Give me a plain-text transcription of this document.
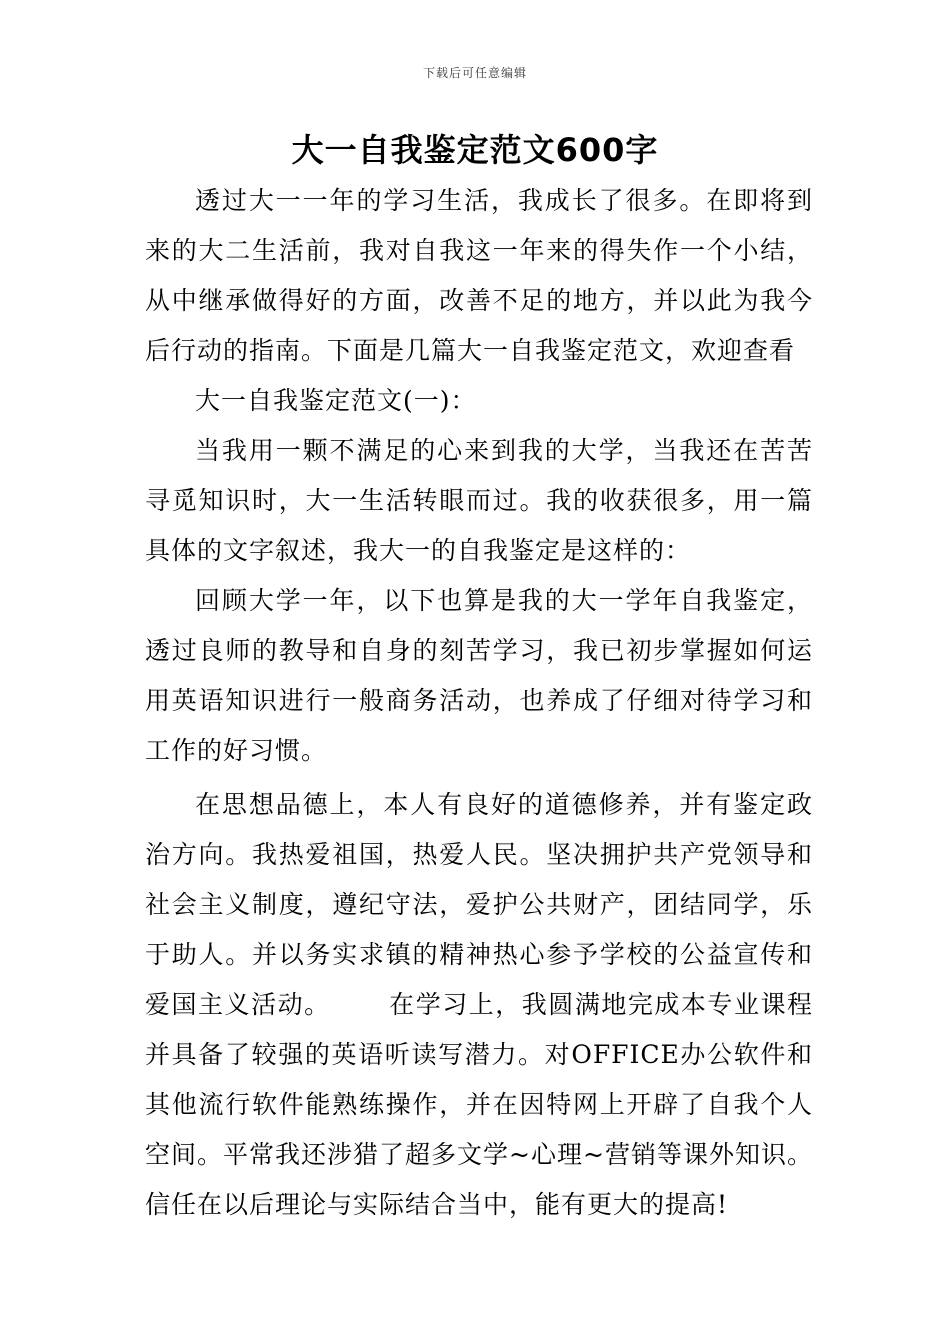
下载后可任意编辑
大一自我鉴定范文600字

透过大一一年的学习生活，我成长了很多。在即将到来的大二生活前，我对自我这一年来的得失作一个小结，从中继承做得好的方面，改善不足的地方，并以此为我今后行动的指南。下面是几篇大一自我鉴定范文，欢迎查看

大一自我鉴定范文(一)：

当我用一颗不满足的心来到我的大学，当我还在苦苦寻觅知识时，大一生活转眼而过。我的收获很多，用一篇具体的文字叙述，我大一的自我鉴定是这样的：

回顾大学一年，以下也算是我的大一学年自我鉴定，透过良师的教导和自身的刻苦学习，我已初步掌握如何运用英语知识进行一般商务活动，也养成了仔细对待学习和工作的好习惯。

在思想品德上，本人有良好的道德修养，并有鉴定政治方向。我热爱祖国，热爱人民。坚决拥护共产党领导和社会主义制度，遵纪守法，爱护公共财产，团结同学，乐于助人。并以务实求镇的精神热心参予学校的公益宣传和爱国主义活动。 在学习上，我圆满地完成本专业课程并具备了较强的英语听读写潜力。对OFFICE办公软件和其他流行软件能熟练操作，并在因特网上开辟了自我个人空间。平常我还涉猎了超多文学~心理~营销等课外知识。信任在以后理论与实际结合当中，能有更大的提高!
